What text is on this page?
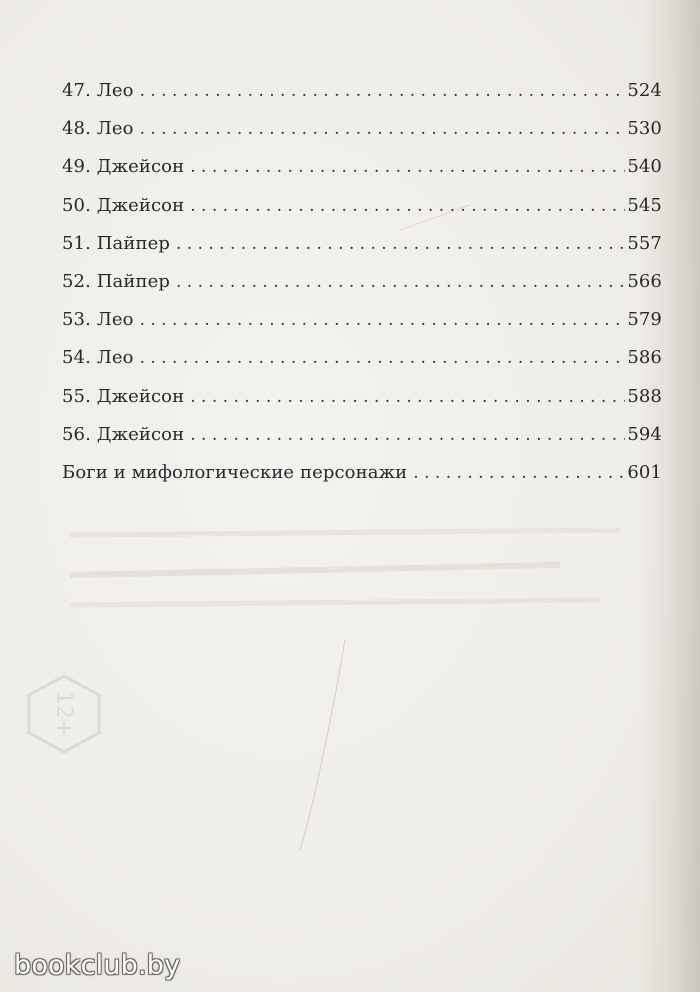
47. Лео . . .	524
48. Лео . . .	530
49. Джейсон . . .	540
50. Джейсон . . .	545
51. Пайпер . . .	557
52. Пайпер . . .	566
53. Лео . . .	579
54. Лео . . .	586
55. Джейсон . . .	588
56. Джейсон . . .	594
Боги и мифологические персонажи . . .	601
12+
bookclub.by
